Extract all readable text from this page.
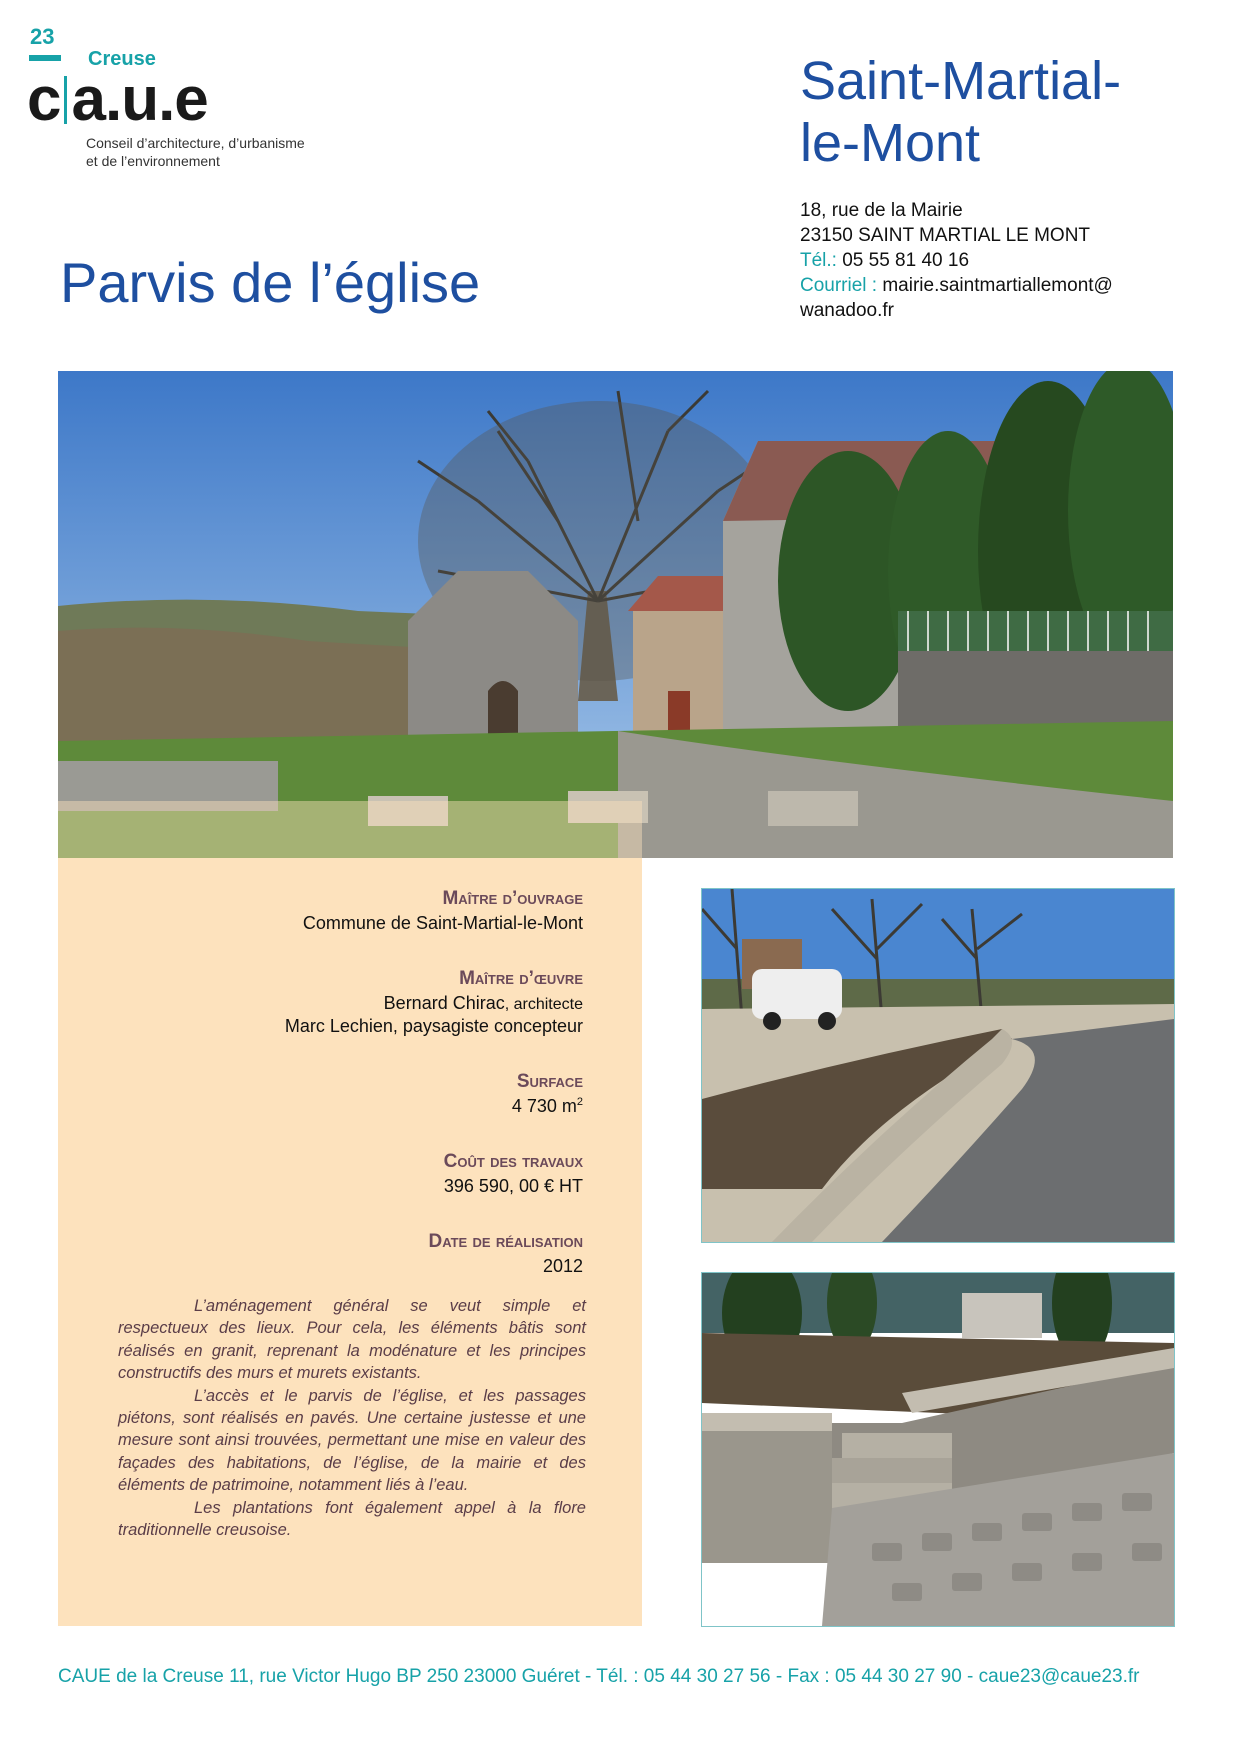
23
Creuse
c a.u.e
Conseil d’architecture, d’urbanisme
et de l’environnement
Saint-Martial-
le-Mont
18, rue de la Mairie
23150 SAINT MARTIAL LE MONT
Tél.: 05 55 81 40 16
Courriel : mairie.saintmartiallemont@
wanadoo.fr
Parvis de l’église
Maître d’ouvrage
Commune de Saint-Martial-le-Mont
Maître d’œuvre
Bernard Chirac, architecte
Marc Lechien, paysagiste concepteur
Surface
4 730 $m^2$
Coût des travaux
396 590, 00 € HT
Date de réalisation
2012

L’aménagement général se veut simple et respectueux des lieux. Pour cela, les éléments bâtis sont réalisés en granit, reprenant la modénature et les principes constructifs des murs et murets existants.

L’accès et le parvis de l’église, et les passages piétons, sont réalisés en pavés. Une certaine justesse et une mesure sont ainsi trouvées, permettant une mise en valeur des façades des habitations, de l’église, de la mairie et des éléments de patrimoine, notamment liés à l’eau.

Les plantations font également appel à la flore traditionnelle creusoise.

CAUE de la Creuse 11, rue Victor Hugo BP 250 23000 Guéret - Tél. : 05 44 30 27 56 - Fax : 05 44 30 27 90 - caue23@caue23.fr
